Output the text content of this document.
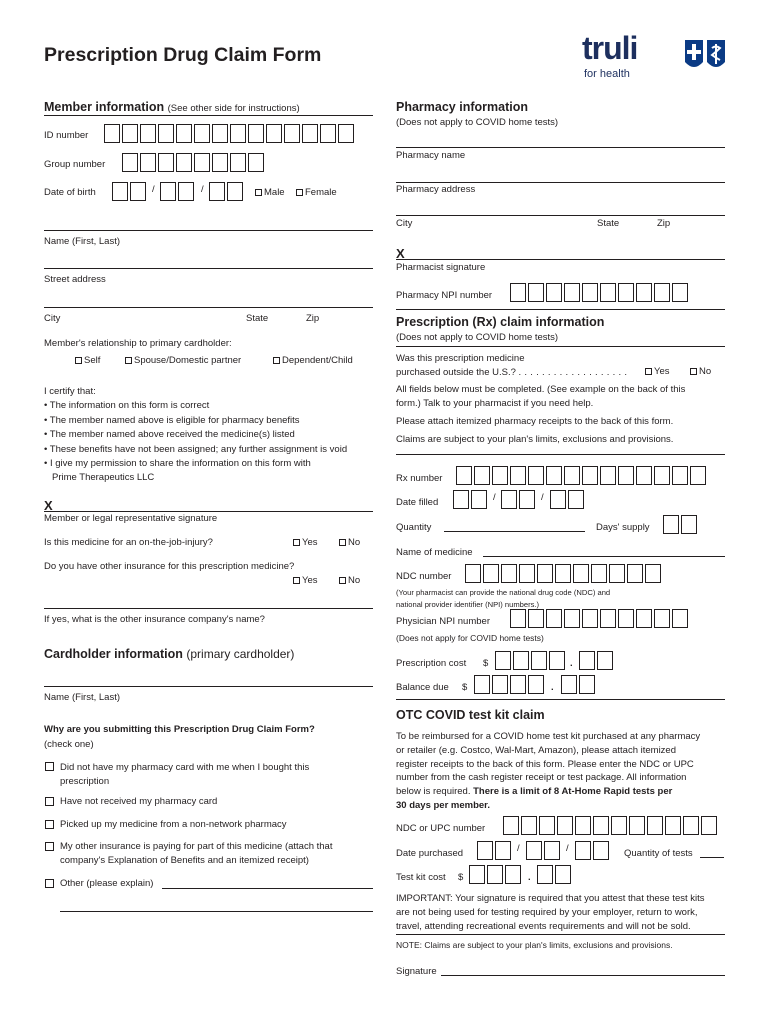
Prescription Drug Claim Form	truli
for health
Member information (See other side for instructions)
ID number
Group number
Date of birth	/	/	Male	Female
Name (First, Last)
Street address
City	State	Zip
Member's relationship to primary cardholder:
Self	Spouse/Domestic partner	Dependent/Child
I certify that:
• The information on this form is correct
• The member named above is eligible for pharmacy benefits
• The member named above received the medicine(s) listed
• These benefits have not been assigned; any further assignment is void
• I give my permission to share the information on this form with
Prime Therapeutics LLC
X
Member or legal representative signature
Is this medicine for an on-the-job-injury?	Yes	No
Do you have other insurance for this prescription medicine?
Yes	No
If yes, what is the other insurance company's name?
Cardholder information (primary cardholder)
Name (First, Last)
Why are you submitting this Prescription Drug Claim Form?
(check one)
Did not have my pharmacy card with me when I bought this
prescription
Have not received my pharmacy card
Picked up my medicine from a non-network pharmacy
My other insurance is paying for part of this medicine (attach that
company's Explanation of Benefits and an itemized receipt)
Other (please explain)
Pharmacy information
(Does not apply to COVID home tests)
Pharmacy name
Pharmacy address
City	State	Zip
X
Pharmacist signature
Pharmacy NPI number
Prescription (Rx) claim information
(Does not apply to COVID home tests)
Was this prescription medicine
purchased outside the U.S.? . . . . . . . . . . . . . . . . . . .	Yes	No
All fields below must be completed. (See example on the back of this
form.) Talk to your pharmacist if you need help.
Please attach itemized pharmacy receipts to the back of this form.
Claims are subject to your plan's limits, exclusions and provisions.
Rx number
Date filled	/	/
Quantity	Days' supply
Name of medicine
NDC number
(Your pharmacist can provide the national drug code (NDC) and
national provider identifier (NPI) numbers.)
Physician NPI number
(Does not apply for COVID home tests)
Prescription cost $	.
Balance due $	.
OTC COVID test kit claim
To be reimbursed for a COVID home test kit purchased at any pharmacy
or retailer (e.g. Costco, Wal-Mart, Amazon), please attach itemized
register receipts to the back of this form. Please enter the NDC or UPC
number from the cash register receipt or test package. All information
below is required. There is a limit of 8 At-Home Rapid tests per
30 days per member.
NDC or UPC number
Date purchased	/	/	Quantity of tests
Test kit cost $	.
IMPORTANT: Your signature is required that you attest that these test kits
are not being used for testing required by your employer, return to work,
travel, attending recreational events requirements and will not be sold.
NOTE: Claims are subject to your plan's limits, exclusions and provisions.
Signature
